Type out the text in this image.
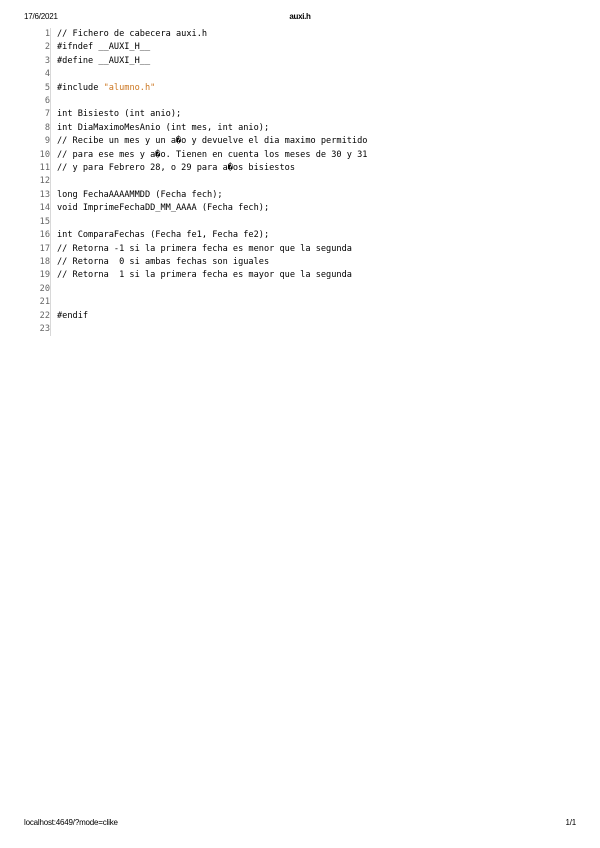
17/6/2021	auxi.h
1		// Fichero de cabecera auxi.h
2		#ifndef __AUXI_H__
3		#define __AUXI_H__
4		
5		#include "alumno.h"
6		
7		int Bisiesto (int anio);
8		int DiaMaximoMesAnio (int mes, int anio);
9		// Recibe un mes y un a�o y devuelve el dia maximo permitido
10		// para ese mes y a�o. Tienen en cuenta los meses de 30 y 31
11		// y para Febrero 28, o 29 para a�os bisiestos
12		
13		long FechaAAAAMMDD (Fecha fech);
14		void ImprimeFechaDD_MM_AAAA (Fecha fech);
15		
16		int ComparaFechas (Fecha fe1, Fecha fe2);
17		// Retorna -1 si la primera fecha es menor que la segunda
18		// Retorna  0 si ambas fechas son iguales
19		// Retorna  1 si la primera fecha es mayor que la segunda
20		
21		
22		#endif
23		
localhost:4649/?mode=clike	1/1
